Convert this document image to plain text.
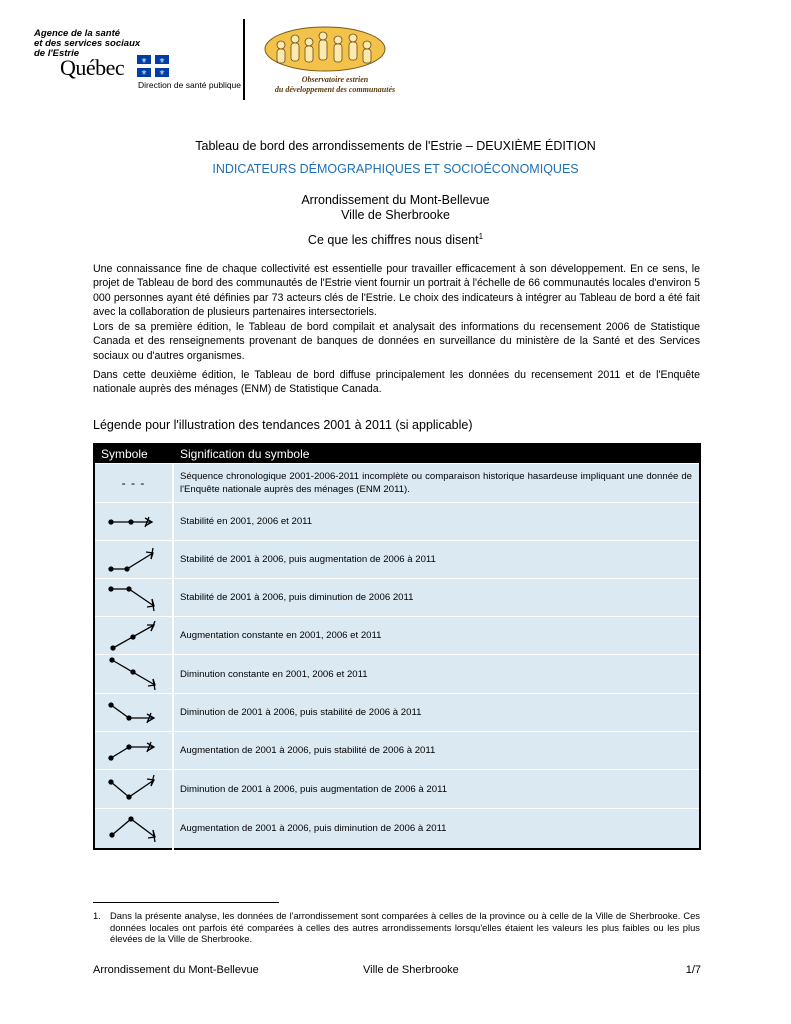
Agence de la santé
et des services sociaux
de l'Estrie
Québec ⚜ ⚜
⚜ ⚜
Direction de santé publique
Observatoire estrien
du développement des communautés
Tableau de bord des arrondissements de l'Estrie – DEUXIÈME ÉDITION
INDICATEURS DÉMOGRAPHIQUES ET SOCIOÉCONOMIQUES
Arrondissement du Mont-Bellevue
Ville de Sherbrooke
Ce que les chiffres nous disent$^1$
Une connaissance fine de chaque collectivité est essentielle pour travailler efficacement à son développement. En ce sens, le projet de Tableau de bord des communautés de l'Estrie vient fournir un portrait à l'échelle de 66 communautés locales d'environ 5 000 personnes ayant été définies par 73 acteurs clés de l'Estrie. Le choix des indicateurs à intégrer au Tableau de bord a été fait avec la collaboration de plusieurs partenaires intersectoriels.
Lors de sa première édition, le Tableau de bord compilait et analysait des informations du recensement 2006 de Statistique Canada et des renseignements provenant de banques de données en surveillance du ministère de la Santé et des Services sociaux ou d'autres organismes.
Dans cette deuxième édition, le Tableau de bord diffuse principalement les données du recensement 2011 et de l'Enquête nationale auprès des ménages (ENM) de Statistique Canada.
Légende pour l'illustration des tendances 2001 à 2011 (si applicable)
Symbole	Signification du symbole
- - -	Séquence chronologique 2001-2006-2011 incomplète ou comparaison historique hasardeuse impliquant une donnée de l'Enquête nationale auprès des ménages (ENM 2011).

	Stabilité en 2001, 2006 et 2011

	Stabilité de 2001 à 2006, puis augmentation de 2006 à 2011

	Stabilité de 2001 à 2006, puis diminution de 2006 2011

	Augmentation constante en 2001, 2006 et 2011

	Diminution constante en 2001, 2006 et 2011

	Diminution de 2001 à 2006, puis stabilité de 2006 à 2011

	Augmentation de 2001 à 2006, puis stabilité de 2006 à 2011

	Diminution de 2001 à 2006, puis augmentation de 2006 à 2011

	Augmentation de 2001 à 2006, puis diminution de 2006 à 2011
1. Dans la présente analyse, les données de l'arrondissement sont comparées à celles de la province ou à celle de la Ville de Sherbrooke. Ces données locales ont parfois été comparées à celles des autres arrondissements lorsqu'elles étaient les valeurs les plus faibles ou les plus élevées de la Ville de Sherbrooke.
Arrondissement du Mont-Bellevue	Ville de Sherbrooke	1/7
